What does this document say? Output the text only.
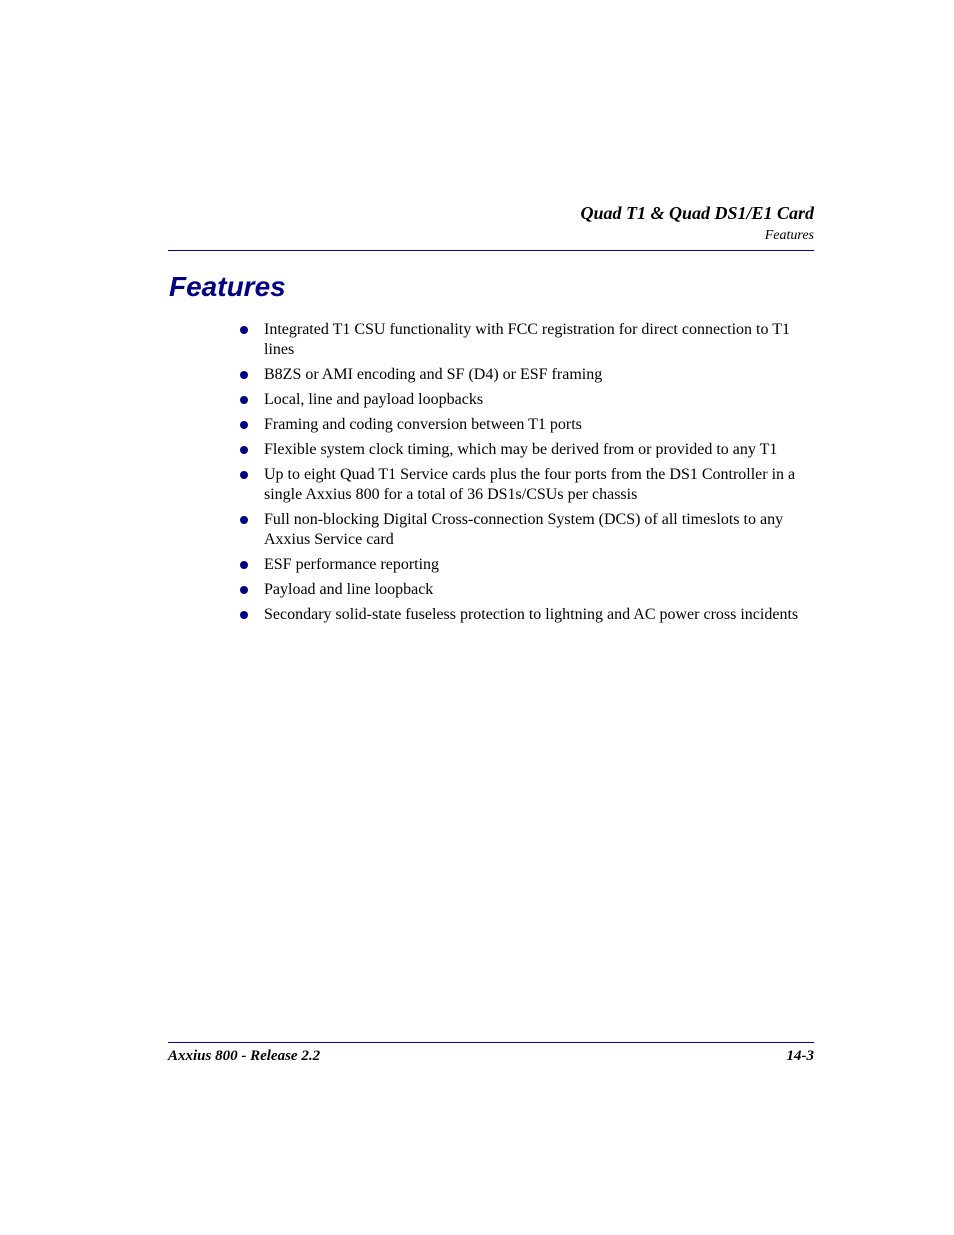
Quad T1 & Quad DS1/E1 Card
Features
Features
Integrated T1 CSU functionality with FCC registration for direct connection to T1 lines
B8ZS or AMI encoding and SF (D4) or ESF framing
Local, line and payload loopbacks
Framing and coding conversion between T1 ports
Flexible system clock timing, which may be derived from or provided to any T1
Up to eight Quad T1 Service cards plus the four ports from the DS1 Controller in a single Axxius 800 for a total of 36 DS1s/CSUs per chassis
Full non-blocking Digital Cross-connection System (DCS) of all timeslots to any Axxius Service card
ESF performance reporting
Payload and line loopback
Secondary solid-state fuseless protection to lightning and AC power cross incidents
Axxius 800 - Release 2.2	14-3
